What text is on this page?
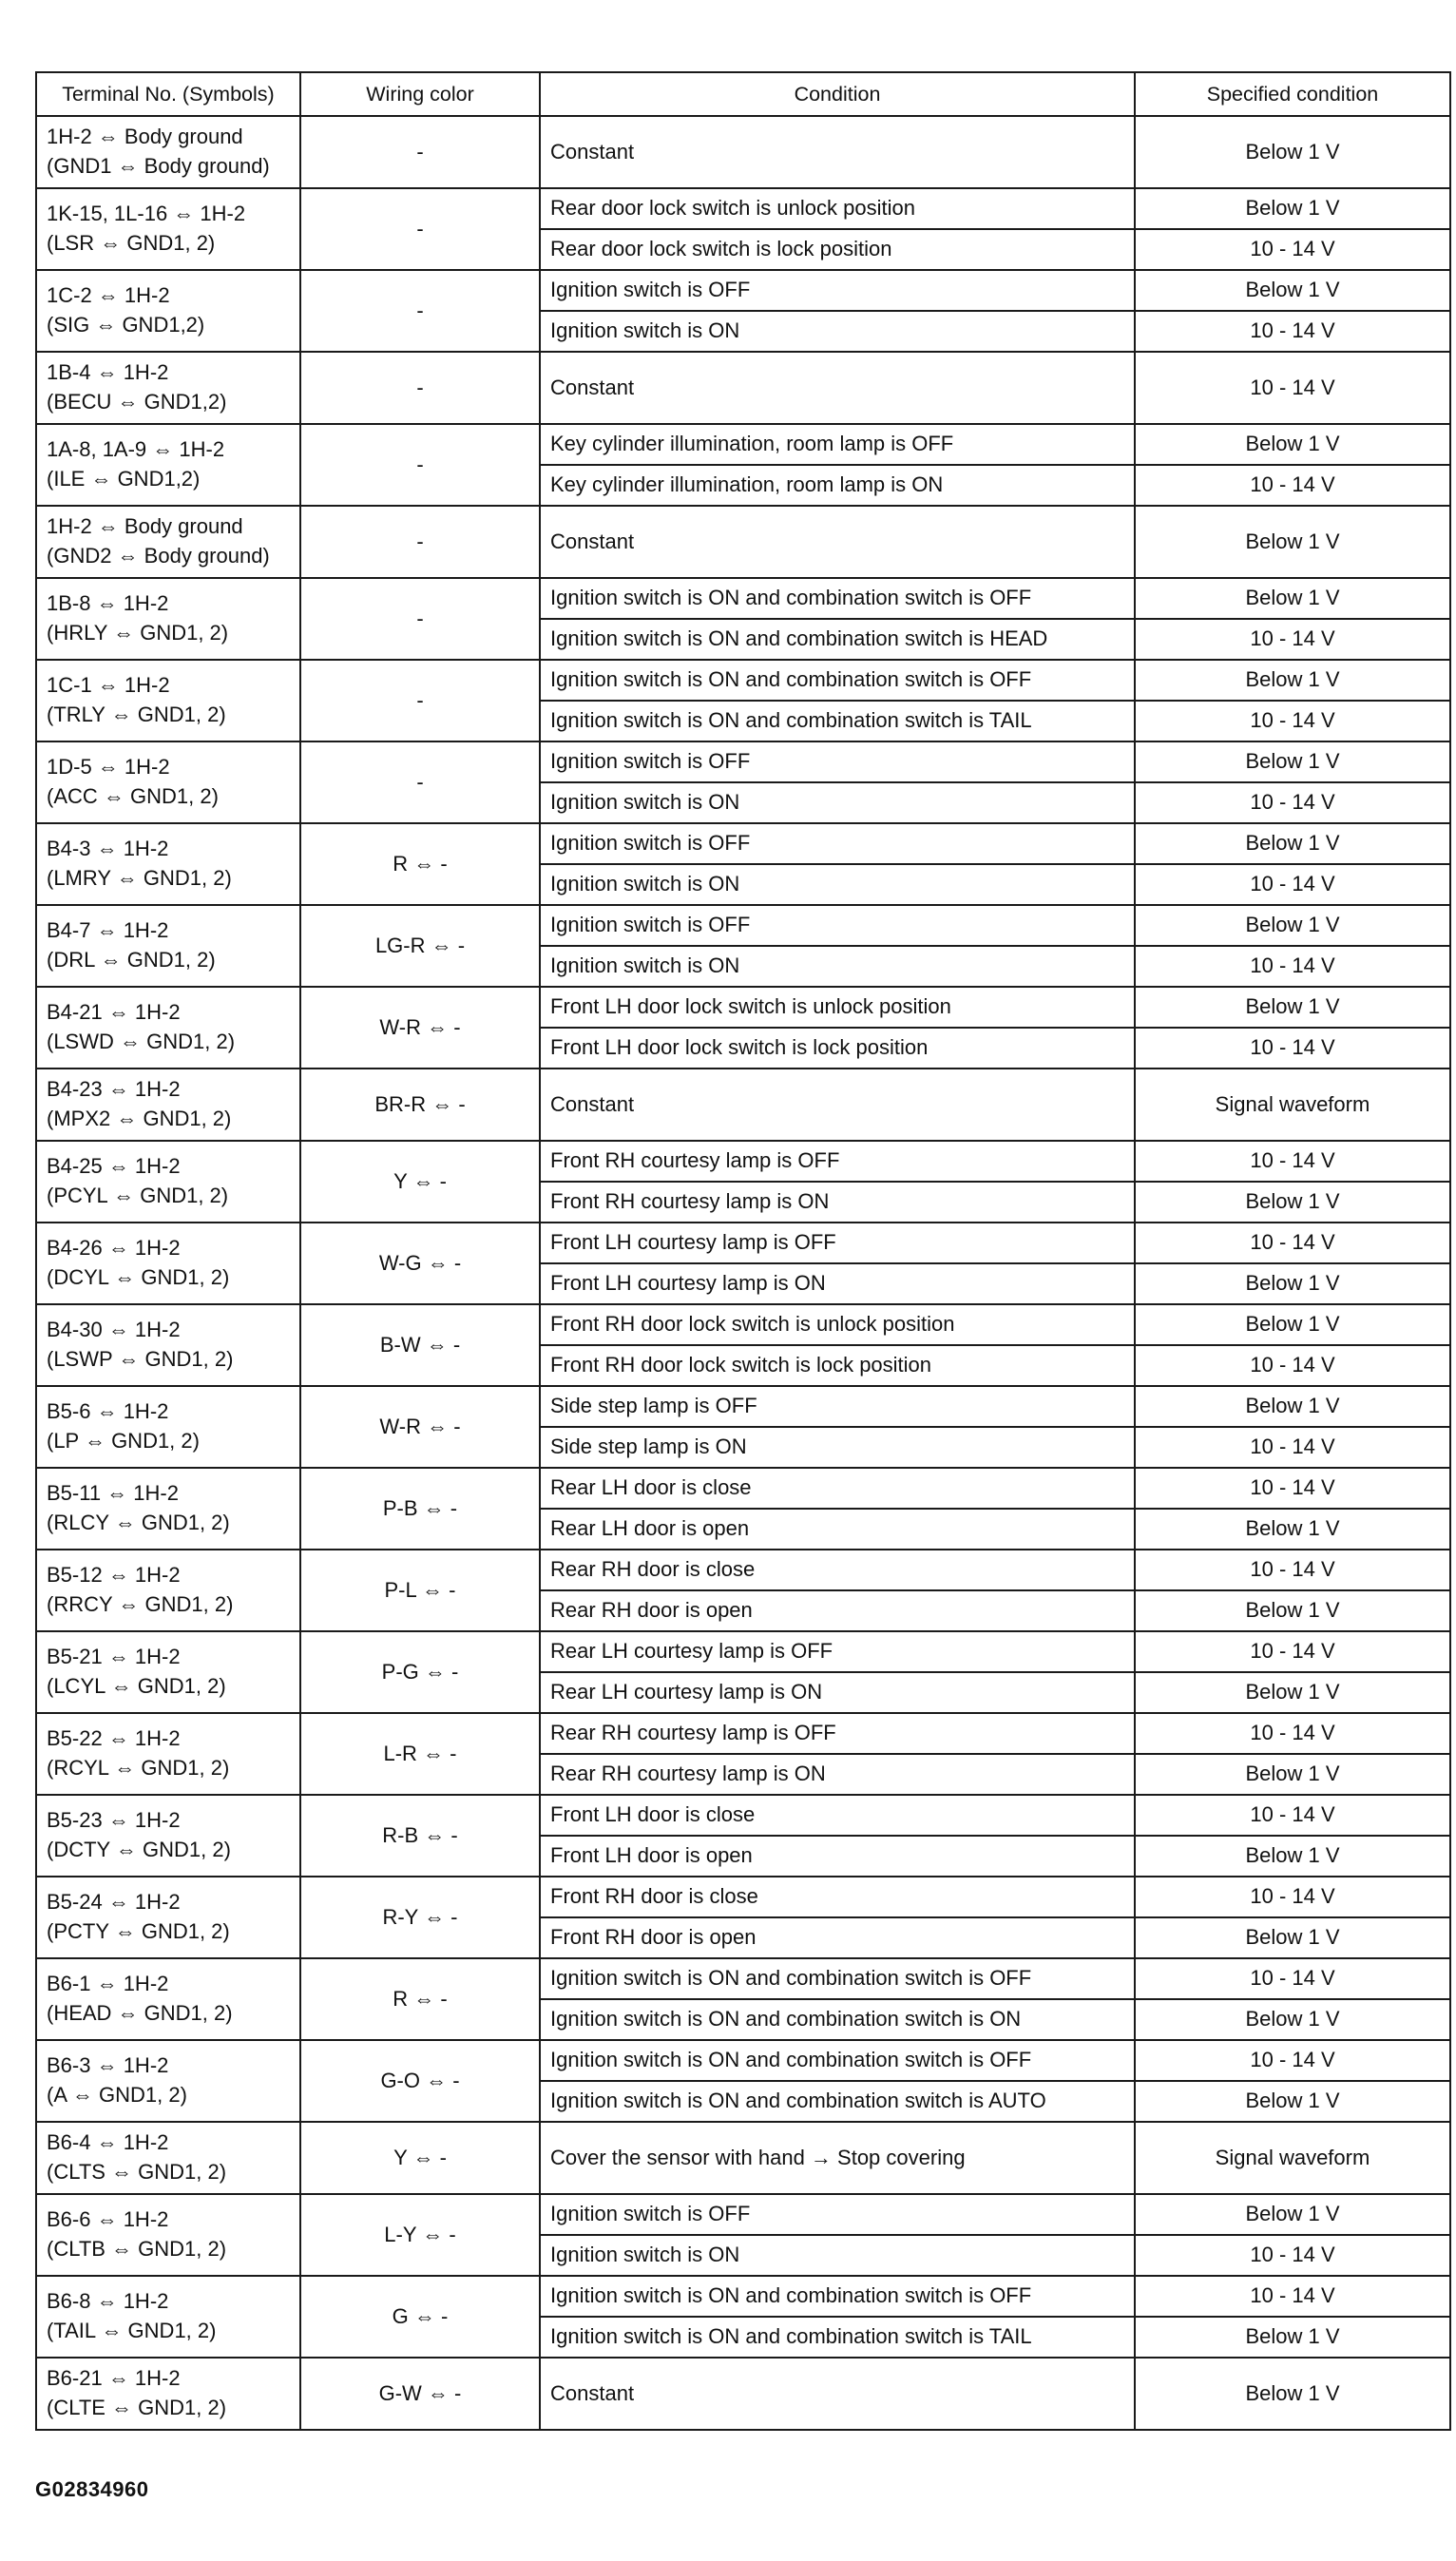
Terminal No. (Symbols)	Wiring color	Condition	Specified condition

1H-2 ⇔ Body ground
(GND1 ⇔ Body ground)	-	Constant	Below 1 V

1K-15, 1L-16 ⇔ 1H-2
(LSR ⇔ GND1, 2)	-	Rear door lock switch is unlock position	Below 1 V
		Rear door lock switch is lock position	10 - 14 V

1C-2 ⇔ 1H-2
(SIG ⇔ GND1,2)	-	Ignition switch is OFF	Below 1 V
		Ignition switch is ON	10 - 14 V

1B-4 ⇔ 1H-2
(BECU ⇔ GND1,2)	-	Constant	10 - 14 V

1A-8, 1A-9 ⇔ 1H-2
(ILE ⇔ GND1,2)	-	Key cylinder illumination, room lamp is OFF	Below 1 V
		Key cylinder illumination, room lamp is ON	10 - 14 V

1H-2 ⇔ Body ground
(GND2 ⇔ Body ground)	-	Constant	Below 1 V

1B-8 ⇔ 1H-2
(HRLY ⇔ GND1, 2)	-	Ignition switch is ON and combination switch is OFF	Below 1 V
		Ignition switch is ON and combination switch is HEAD	10 - 14 V

1C-1 ⇔ 1H-2
(TRLY ⇔ GND1, 2)	-	Ignition switch is ON and combination switch is OFF	Below 1 V
		Ignition switch is ON and combination switch is TAIL	10 - 14 V

1D-5 ⇔ 1H-2
(ACC ⇔ GND1, 2)	-	Ignition switch is OFF	Below 1 V
		Ignition switch is ON	10 - 14 V

B4-3 ⇔ 1H-2
(LMRY ⇔ GND1, 2)	R ⇔ -	Ignition switch is OFF	Below 1 V
		Ignition switch is ON	10 - 14 V

B4-7 ⇔ 1H-2
(DRL ⇔ GND1, 2)	LG-R ⇔ -	Ignition switch is OFF	Below 1 V
		Ignition switch is ON	10 - 14 V

B4-21 ⇔ 1H-2
(LSWD ⇔ GND1, 2)	W-R ⇔ -	Front LH door lock switch is unlock position	Below 1 V
		Front LH door lock switch is lock position	10 - 14 V

B4-23 ⇔ 1H-2
(MPX2 ⇔ GND1, 2)	BR-R ⇔ -	Constant	Signal waveform

B4-25 ⇔ 1H-2
(PCYL ⇔ GND1, 2)	Y ⇔ -	Front RH courtesy lamp is OFF	10 - 14 V
		Front RH courtesy lamp is ON	Below 1 V

B4-26 ⇔ 1H-2
(DCYL ⇔ GND1, 2)	W-G ⇔ -	Front LH courtesy lamp is OFF	10 - 14 V
		Front LH courtesy lamp is ON	Below 1 V

B4-30 ⇔ 1H-2
(LSWP ⇔ GND1, 2)	B-W ⇔ -	Front RH door lock switch is unlock position	Below 1 V
		Front RH door lock switch is lock position	10 - 14 V

B5-6 ⇔ 1H-2
(LP ⇔ GND1, 2)	W-R ⇔ -	Side step lamp is OFF	Below 1 V
		Side step lamp is ON	10 - 14 V

B5-11 ⇔ 1H-2
(RLCY ⇔ GND1, 2)	P-B ⇔ -	Rear LH door is close	10 - 14 V
		Rear LH door is open	Below 1 V

B5-12 ⇔ 1H-2
(RRCY ⇔ GND1, 2)	P-L ⇔ -	Rear RH door is close	10 - 14 V
		Rear RH door is open	Below 1 V

B5-21 ⇔ 1H-2
(LCYL ⇔ GND1, 2)	P-G ⇔ -	Rear LH courtesy lamp is OFF	10 - 14 V
		Rear LH courtesy lamp is ON	Below 1 V

B5-22 ⇔ 1H-2
(RCYL ⇔ GND1, 2)	L-R ⇔ -	Rear RH courtesy lamp is OFF	10 - 14 V
		Rear RH courtesy lamp is ON	Below 1 V

B5-23 ⇔ 1H-2
(DCTY ⇔ GND1, 2)	R-B ⇔ -	Front LH door is close	10 - 14 V
		Front LH door is open	Below 1 V

B5-24 ⇔ 1H-2
(PCTY ⇔ GND1, 2)	R-Y ⇔ -	Front RH door is close	10 - 14 V
		Front RH door is open	Below 1 V

B6-1 ⇔ 1H-2
(HEAD ⇔ GND1, 2)	R ⇔ -	Ignition switch is ON and combination switch is OFF	10 - 14 V
		Ignition switch is ON and combination switch is ON	Below 1 V

B6-3 ⇔ 1H-2
(A ⇔ GND1, 2)	G-O ⇔ -	Ignition switch is ON and combination switch is OFF	10 - 14 V
		Ignition switch is ON and combination switch is AUTO	Below 1 V

B6-4 ⇔ 1H-2
(CLTS ⇔ GND1, 2)	Y ⇔ -	Cover the sensor with hand → Stop covering	Signal waveform

B6-6 ⇔ 1H-2
(CLTB ⇔ GND1, 2)	L-Y ⇔ -	Ignition switch is OFF	Below 1 V
		Ignition switch is ON	10 - 14 V

B6-8 ⇔ 1H-2
(TAIL ⇔ GND1, 2)	G ⇔ -	Ignition switch is ON and combination switch is OFF	10 - 14 V
		Ignition switch is ON and combination switch is TAIL	Below 1 V

B6-21 ⇔ 1H-2
(CLTE ⇔ GND1, 2)	G-W ⇔ -	Constant	Below 1 V
G02834960
